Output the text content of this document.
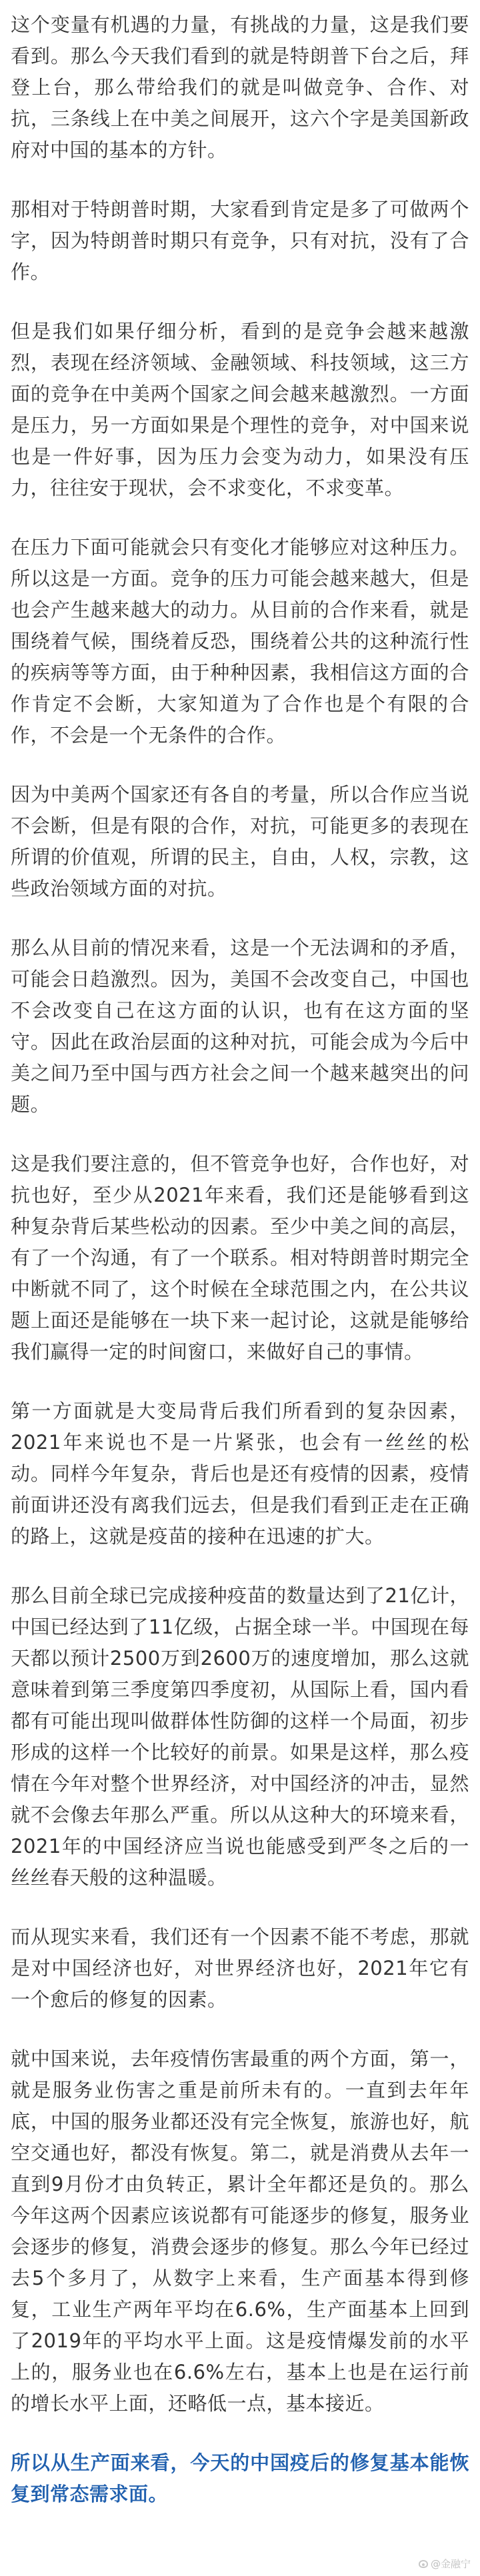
这个变量有机遇的力量，有挑战的力量，这是我们要看到。那么今天我们看到的就是特朗普下台之后，拜登上台，那么带给我们的就是叫做竞争、合作、对抗，三条线上在中美之间展开，这六个字是美国新政府对中国的基本的方针。

那相对于特朗普时期，大家看到肯定是多了可做两个字，因为特朗普时期只有竞争，只有对抗，没有了合作。

但是我们如果仔细分析，看到的是竞争会越来越激烈，表现在经济领域、金融领域、科技领域，这三方面的竞争在中美两个国家之间会越来越激烈。一方面是压力，另一方面如果是个理性的竞争，对中国来说也是一件好事，因为压力会变为动力，如果没有压力，往往安于现状，会不求变化，不求变革。

在压力下面可能就会只有变化才能够应对这种压力。所以这是一方面。竞争的压力可能会越来越大，但是也会产生越来越大的动力。从目前的合作来看，就是围绕着气候，围绕着反恐，围绕着公共的这种流行性的疾病等等方面，由于种种因素，我相信这方面的合作肯定不会断，大家知道为了合作也是个有限的合作，不会是一个无条件的合作。

因为中美两个国家还有各自的考量，所以合作应当说不会断，但是有限的合作，对抗，可能更多的表现在所谓的价值观，所谓的民主，自由，人权，宗教，这些政治领域方面的对抗。

那么从目前的情况来看，这是一个无法调和的矛盾，可能会日趋激烈。因为，美国不会改变自己，中国也不会改变自己在这方面的认识，也有在这方面的坚守。因此在政治层面的这种对抗，可能会成为今后中美之间乃至中国与西方社会之间一个越来越突出的问题。

这是我们要注意的，但不管竞争也好，合作也好，对抗也好，至少从2021年来看，我们还是能够看到这种复杂背后某些松动的因素。至少中美之间的高层，有了一个沟通，有了一个联系。相对特朗普时期完全中断就不同了，这个时候在全球范围之内，在公共议题上面还是能够在一块下来一起讨论，这就是能够给我们赢得一定的时间窗口，来做好自己的事情。

第一方面就是大变局背后我们所看到的复杂因素，2021年来说也不是一片紧张，也会有一丝丝的松动。同样今年复杂，背后也是还有疫情的因素，疫情前面讲还没有离我们远去，但是我们看到正走在正确的路上，这就是疫苗的接种在迅速的扩大。

那么目前全球已完成接种疫苗的数量达到了21亿计，中国已经达到了11亿级，占据全球一半。中国现在每天都以预计2500万到2600万的速度增加，那么这就意味着到第三季度第四季度初，从国际上看，国内看都有可能出现叫做群体性防御的这样一个局面，初步形成的这样一个比较好的前景。如果是这样，那么疫情在今年对整个世界经济，对中国经济的冲击，显然就不会像去年那么严重。所以从这种大的环境来看，2021年的中国经济应当说也能感受到严冬之后的一丝丝春天般的这种温暖。

而从现实来看，我们还有一个因素不能不考虑，那就是对中国经济也好，对世界经济也好，2021年它有一个愈后的修复的因素。

就中国来说，去年疫情伤害最重的两个方面，第一，就是服务业伤害之重是前所未有的。一直到去年年底，中国的服务业都还没有完全恢复，旅游也好，航空交通也好，都没有恢复。第二，就是消费从去年一直到9月份才由负转正，累计全年都还是负的。那么今年这两个因素应该说都有可能逐步的修复，服务业会逐步的修复，消费会逐步的修复。那么今年已经过去5个多月了，从数字上来看，生产面基本得到修复，工业生产两年平均在6.6%，生产面基本上回到了2019年的平均水平上面。这是疫情爆发前的水平上的，服务业也在6.6%左右，基本上也是在运行前的增长水平上面，还略低一点，基本接近。

所以从生产面来看，今天的中国疫后的修复基本能恢复到常态需求面。

@金融宁
